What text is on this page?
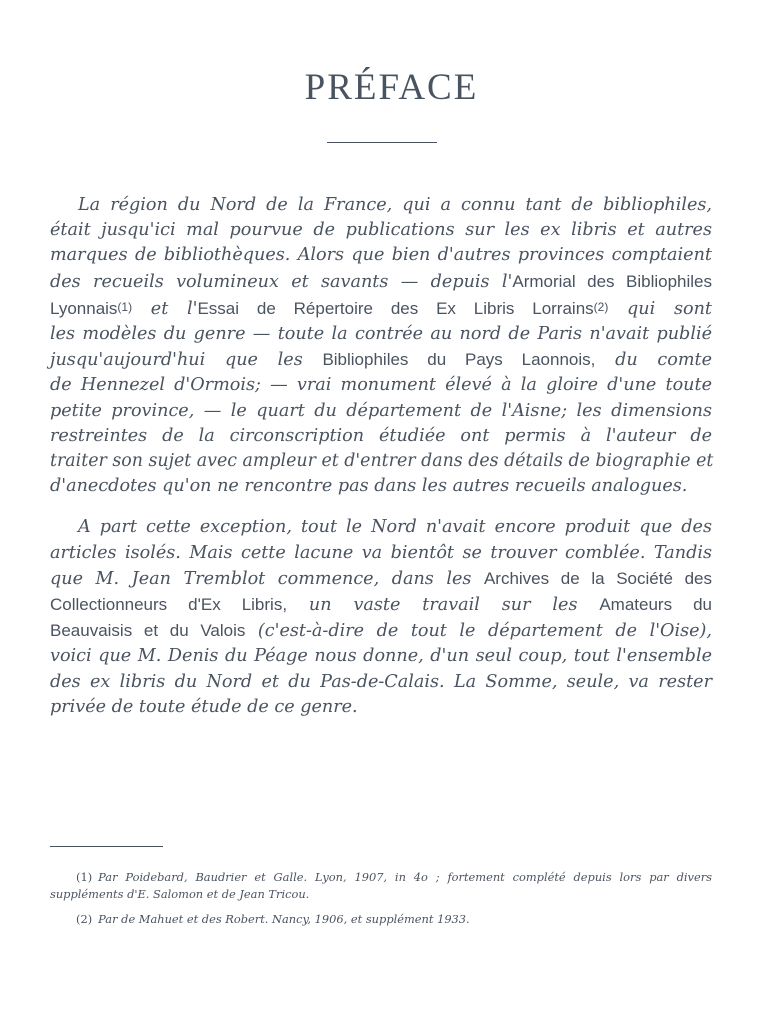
PRÉFACE
La région du Nord de la France, qui a connu tant de bibliophiles,
était jusqu'ici mal pourvue de publications sur les ex libris et autres
marques de bibliothèques. Alors que bien d'autres provinces comptaient
des recueils volumineux et savants — depuis l'Armorial des Bibliophiles
Lyonnais(1) et l'Essai de Répertoire des Ex Libris Lorrains(2) qui sont
les modèles du genre — toute la contrée au nord de Paris n'avait publié
jusqu'aujourd'hui que les Bibliophiles du Pays Laonnois, du comte
de Hennezel d'Ormois; — vrai monument élevé à la gloire d'une toute
petite province, — le quart du département de l'Aisne; les dimensions
restreintes de la circonscription étudiée ont permis à l'auteur de
traiter son sujet avec ampleur et d'entrer dans des détails de biographie et
d'anecdotes qu'on ne rencontre pas dans les autres recueils analogues.
A part cette exception, tout le Nord n'avait encore produit que des
articles isolés. Mais cette lacune va bientôt se trouver comblée. Tandis
que M. Jean Tremblot commence, dans les Archives de la Société des
Collectionneurs d'Ex Libris, un vaste travail sur les Amateurs du
Beauvaisis et du Valois (c'est-à-dire de tout le département de l'Oise),
voici que M. Denis du Péage nous donne, d'un seul coup, tout l'ensemble
des ex libris du Nord et du Pas-de-Calais. La Somme, seule, va rester
privée de toute étude de ce genre.

(1) Par Poidebard, Baudrier et Galle. Lyon, 1907, in 4o ; fortement complété depuis lors par divers suppléments d'E. Salomon et de Jean Tricou.

(2) Par de Mahuet et des Robert. Nancy, 1906, et supplément 1933.
